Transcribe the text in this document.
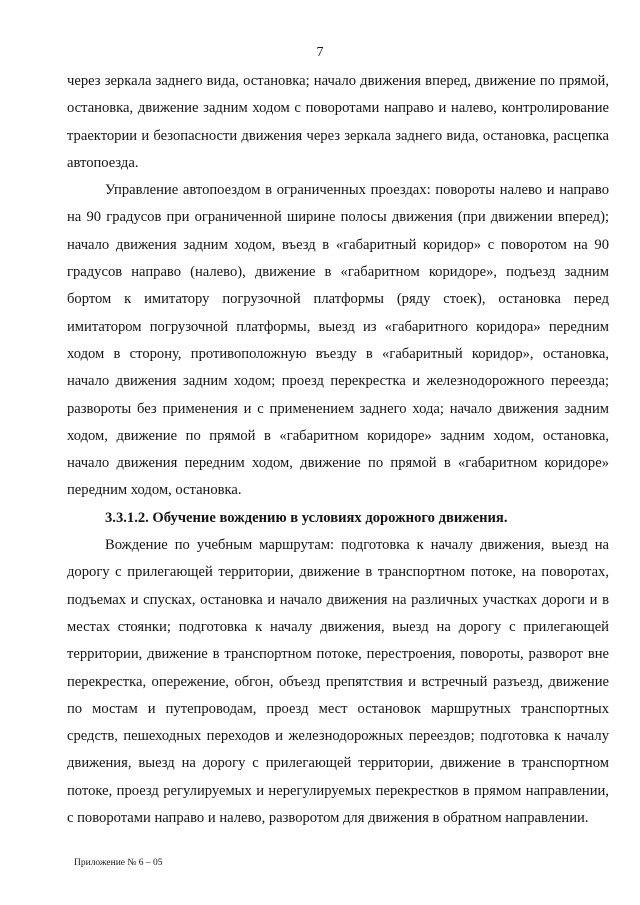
7

через зеркала заднего вида, остановка; начало движения вперед, движение по прямой, остановка, движение задним ходом с поворотами направо и налево, контролирование траектории и безопасности движения через зеркала заднего вида, остановка, расцепка автопоезда.

Управление автопоездом в ограниченных проездах: повороты налево и направо на 90 градусов при ограниченной ширине полосы движения (при движении вперед); начало движения задним ходом, въезд в «габаритный коридор» с поворотом на 90 градусов направо (налево), движение в «габаритном коридоре», подъезд задним бортом к имитатору погрузочной платформы (ряду стоек), остановка перед имитатором погрузочной платформы, выезд из «габаритного коридора» передним ходом в сторону, противоположную въезду в «габаритный коридор», остановка, начало движения задним ходом; проезд перекрестка и железнодорожного переезда; развороты без применения и с применением заднего хода; начало движения задним ходом, движение по прямой в «габаритном коридоре» задним ходом, остановка, начало движения передним ходом, движение по прямой в «габаритном коридоре» передним ходом, остановка.

3.3.1.2. Обучение вождению в условиях дорожного движения.

Вождение по учебным маршрутам: подготовка к началу движения, выезд на дорогу с прилегающей территории, движение в транспортном потоке, на поворотах, подъемах и спусках, остановка и начало движения на различных участках дороги и в местах стоянки; подготовка к началу движения, выезд на дорогу с прилегающей территории, движение в транспортном потоке, перестроения, повороты, разворот вне перекрестка, опережение, обгон, объезд препятствия и встречный разъезд, движение по мостам и путепроводам, проезд мест остановок маршрутных транспортных средств, пешеходных переходов и железнодорожных переездов; подготовка к началу движения, выезд на дорогу с прилегающей территории, движение в транспортном потоке, проезд регулируемых и нерегулируемых перекрестков в прямом направлении, с поворотами направо и налево, разворотом для движения в обратном направлении.

Приложение № 6 – 05
